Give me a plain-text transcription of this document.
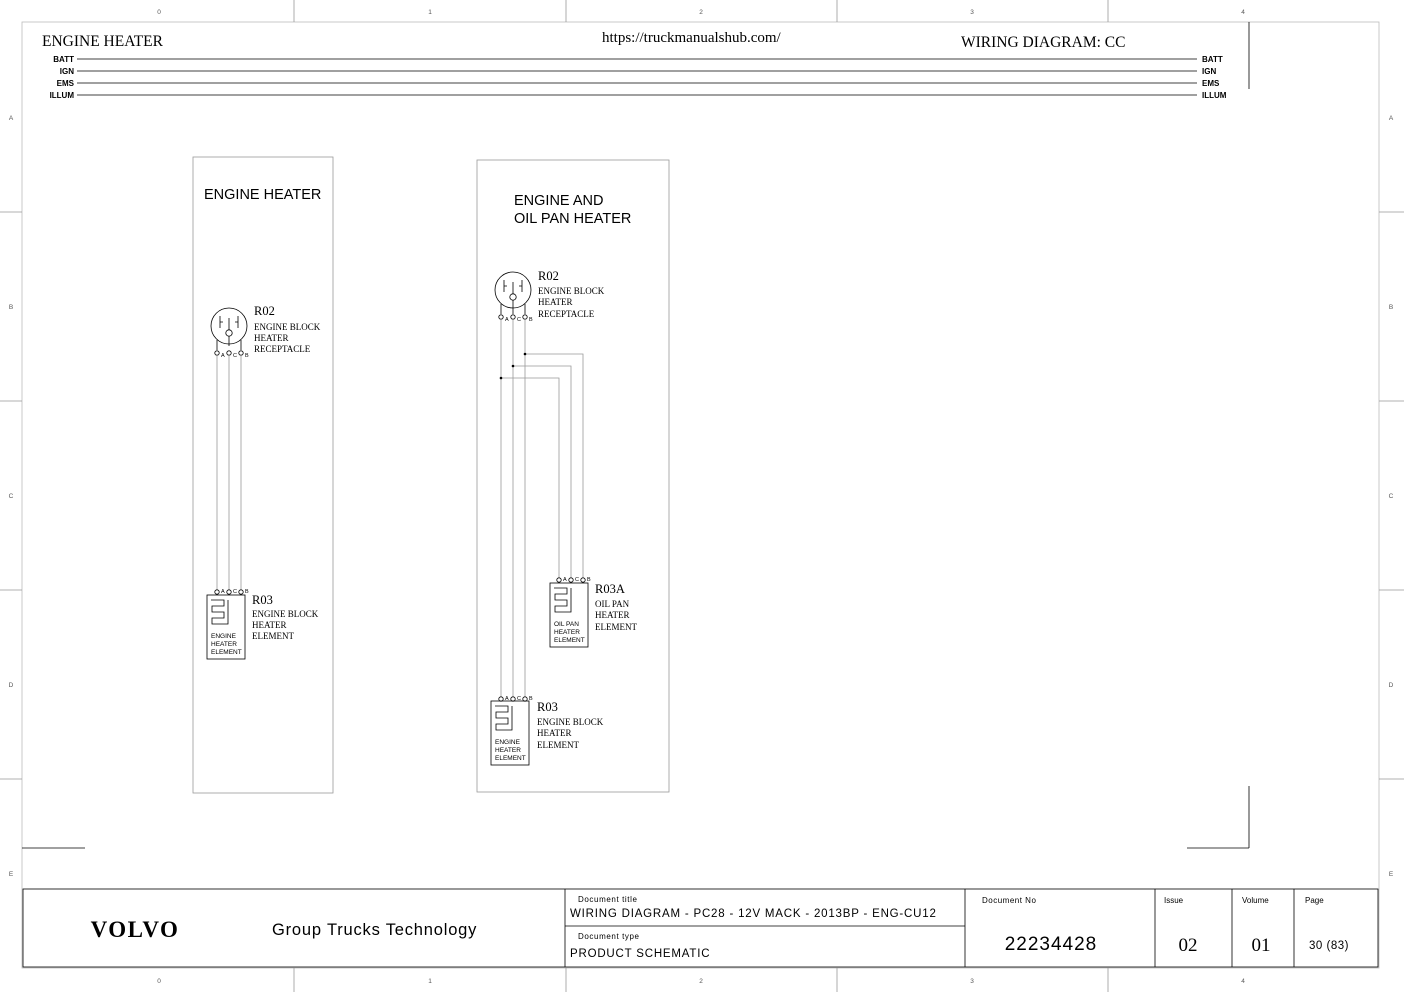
0	1	2	3	4
0	1	2	3	4
A
B
C
D
E
A
B
C
D
E
ENGINE HEATER	https://truckmanualshub.com/	WIRING DIAGRAM: CC
BATT
IGN
EMS
ILLUM
BATT
IGN
EMS
ILLUM
ENGINE HEATER
A C B
R02
ENGINE BLOCK
HEATER
RECEPTACLE
A C B
ENGINE
HEATER
ELEMENT
R03
ENGINE BLOCK
HEATER
ELEMENT
ENGINE AND
OIL PAN HEATER
A C B
R02
ENGINE BLOCK
HEATER
RECEPTACLE
A C B
OIL PAN
HEATER
ELEMENT
R03A
OIL PAN
HEATER
ELEMENT
A C B
ENGINE
HEATER
ELEMENT
R03
ENGINE BLOCK
HEATER
ELEMENT
VOLVO	Group Trucks Technology
Document title
WIRING DIAGRAM - PC28 - 12V MACK - 2013BP - ENG-CU12
Document type
PRODUCT SCHEMATIC
Document No
22234428
Issue
02
Volume
01
Page
30 (83)
